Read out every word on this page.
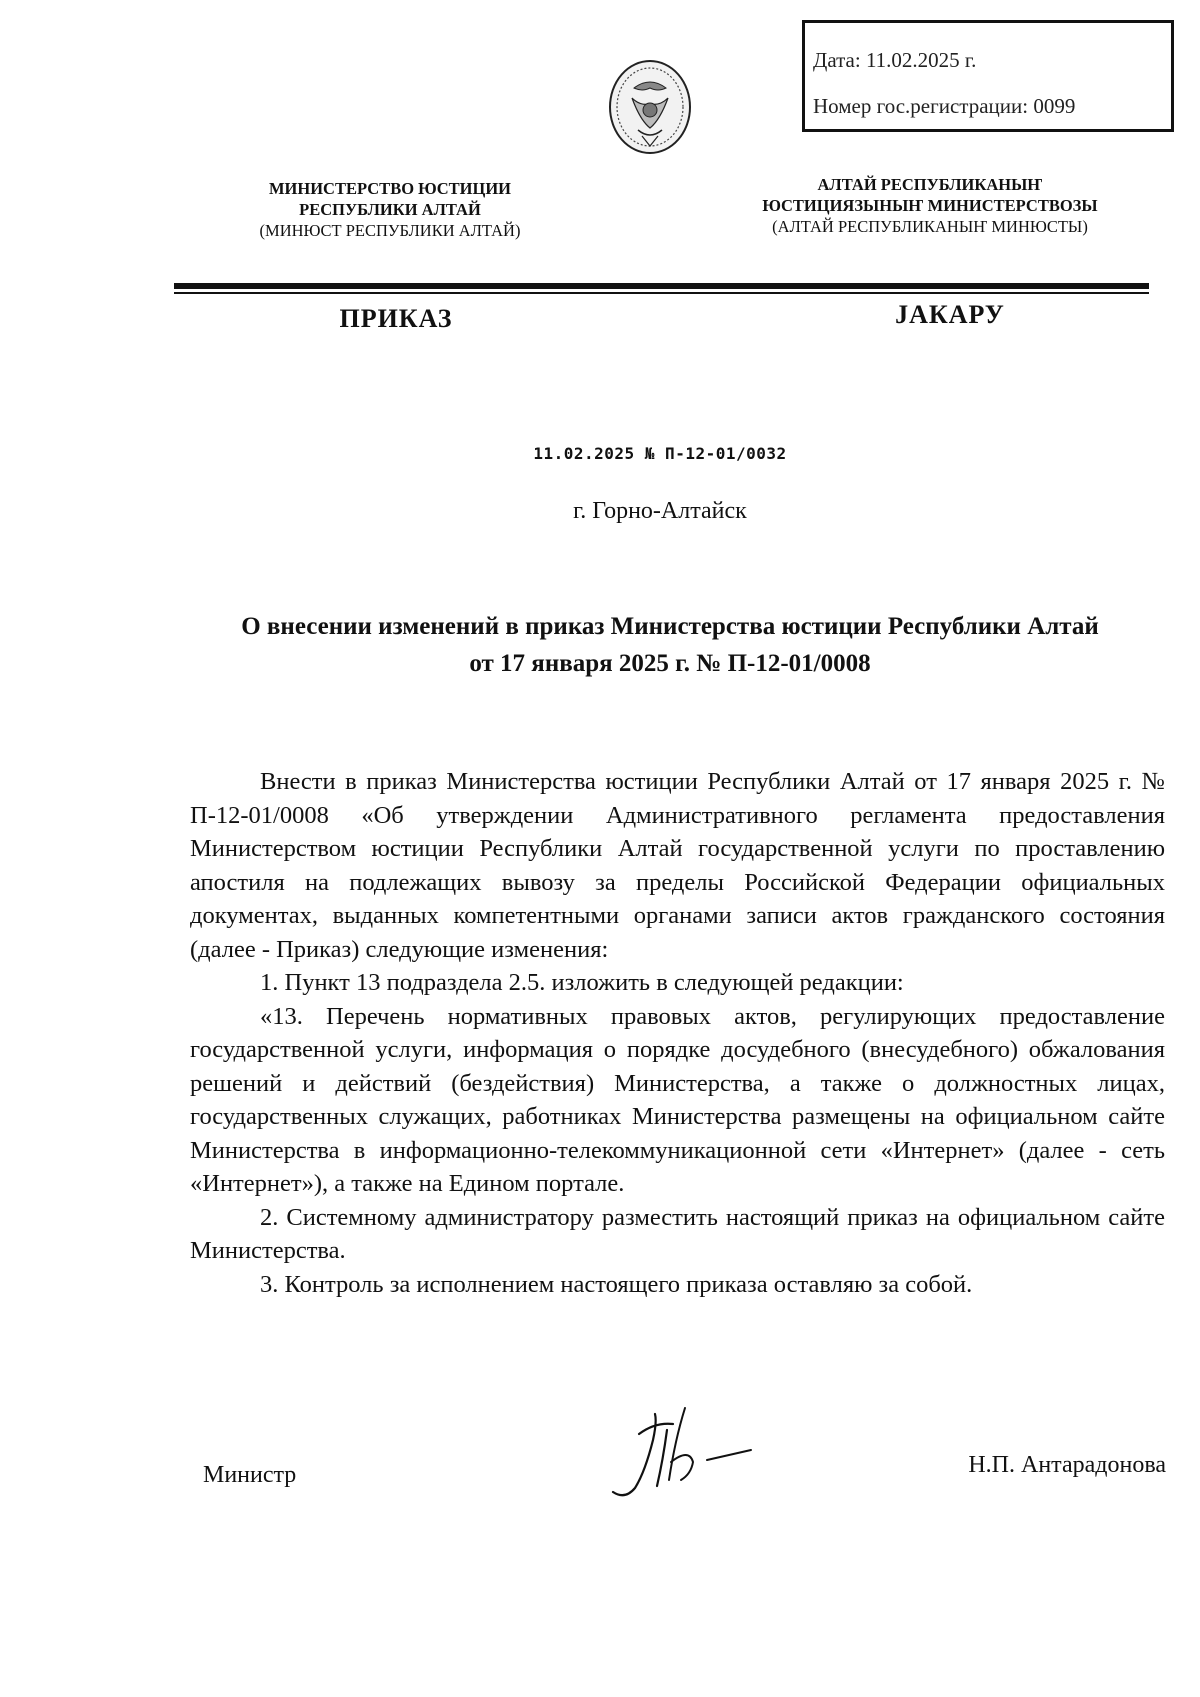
Дата: 11.02.2025 г.
Номер гос.регистрации: 0099
МИНИСТЕРСТВО ЮСТИЦИИ
РЕСПУБЛИКИ АЛТАЙ
(МИНЮСТ РЕСПУБЛИКИ АЛТАЙ)
АЛТАЙ РЕСПУБЛИКАНЫҤ
ЮСТИЦИЯЗЫНЫҤ МИНИСТЕРСТВОЗЫ
(АЛТАЙ РЕСПУБЛИКАНЫҤ МИНЮСТЫ)
ПРИКАЗ	JАКАРУ
11.02.2025 № П-12-01/0032
г. Горно-Алтайск
О внесении изменений в приказ Министерства юстиции Республики Алтай
от 17 января 2025 г. № П-12-01/0008

Внести в приказ Министерства юстиции Республики Алтай от 17 января 2025 г. № П-12-01/0008 «Об утверждении Административного регламента предоставления Министерством юстиции Республики Алтай государственной услуги по проставлению апостиля на подлежащих вывозу за пределы Российской Федерации официальных документах, выданных компетентными органами записи актов гражданского состояния (далее - Приказ) следующие изменения:

1. Пункт 13 подраздела 2.5. изложить в следующей редакции:

«13. Перечень нормативных правовых актов, регулирующих предоставление государственной услуги, информация о порядке досудебного (внесудебного) обжалования решений и действий (бездействия) Министерства, а также о должностных лицах, государственных служащих, работниках Министерства размещены на официальном сайте Министерства в информационно-телекоммуникационной сети «Интернет» (далее - сеть «Интернет»), а также на Едином портале.

2. Системному администратору разместить настоящий приказ на официальном сайте Министерства.

3. Контроль за исполнением настоящего приказа оставляю за собой.

Министр	Н.П. Антарадонова
